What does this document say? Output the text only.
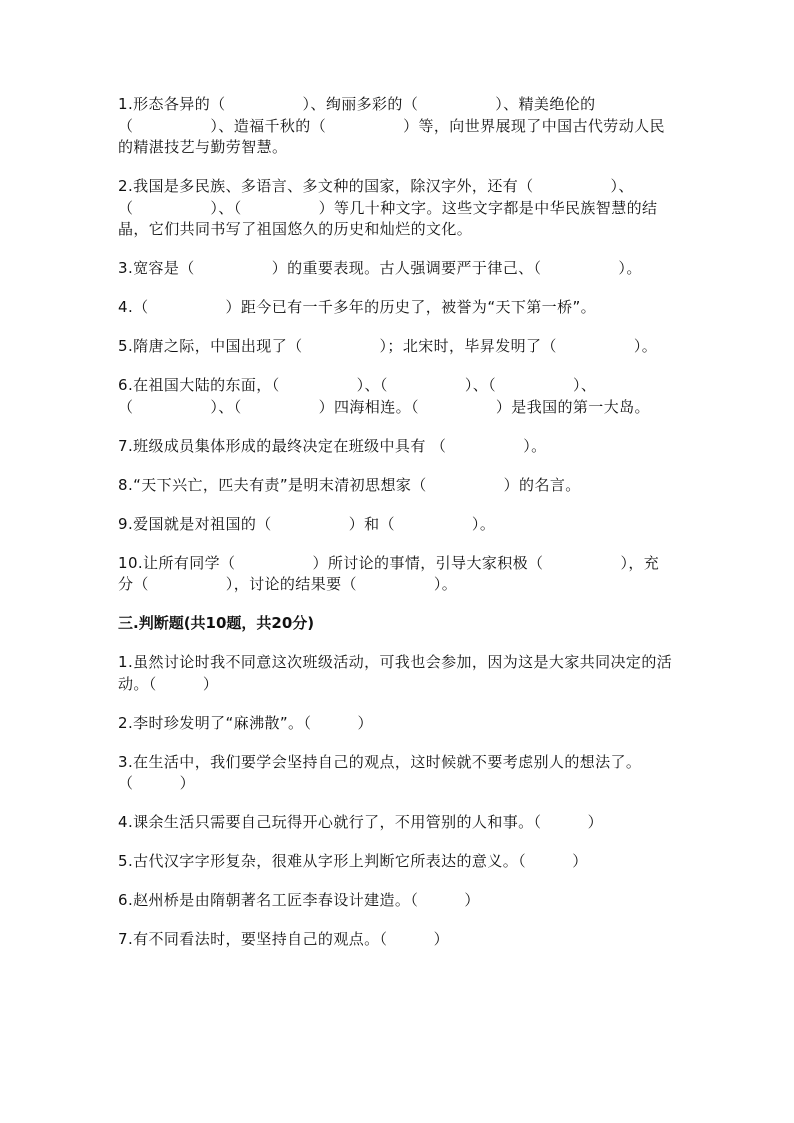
1.形态各异的（　　　　　）、绚丽多彩的（　　　　　）、精美绝伦的（　　　　　）、造福千秋的（　　　　　）等，向世界展现了中国古代劳动人民的精湛技艺与勤劳智慧。

2.我国是多民族、多语言、多文种的国家，除汉字外，还有（　　　　　）、（　　　　　）、（　　　　　）等几十种文字。这些文字都是中华民族智慧的结晶，它们共同书写了祖国悠久的历史和灿烂的文化。

3.宽容是（　　　　　）的重要表现。古人强调要严于律己、（　　　　　）。

4.（　　　　　）距今已有一千多年的历史了，被誉为“天下第一桥”。

5.隋唐之际，中国出现了（　　　　　）；北宋时，毕昇发明了（　　　　　）。

6.在祖国大陆的东面，（　　　　　）、（　　　　　）、（　　　　　）、（　　　　　）、（　　　　　）四海相连。（　　　　　）是我国的第一大岛。

7.班级成员集体形成的最终决定在班级中具有 （　　　　　）。

8.“天下兴亡，匹夫有责”是明末清初思想家（　　　　　）的名言。

9.爱国就是对祖国的（　　　　　）和（　　　　　）。

10.让所有同学（　　　　　）所讨论的事情，引导大家积极（　　　　　），充分（　　　　　），讨论的结果要（　　　　　）。

三.判断题(共10题，共20分)

1.虽然讨论时我不同意这次班级活动，可我也会参加，因为这是大家共同决定的活动。（　　　）

2.李时珍发明了“麻沸散”。（　　　）

3.在生活中，我们要学会坚持自己的观点，这时候就不要考虑别人的想法了。（　　　）

4.课余生活只需要自己玩得开心就行了，不用管别的人和事。（　　　）

5.古代汉字字形复杂，很难从字形上判断它所表达的意义。（　　　）

6.赵州桥是由隋朝著名工匠李春设计建造。（　　　）

7.有不同看法时，要坚持自己的观点。（　　　）
